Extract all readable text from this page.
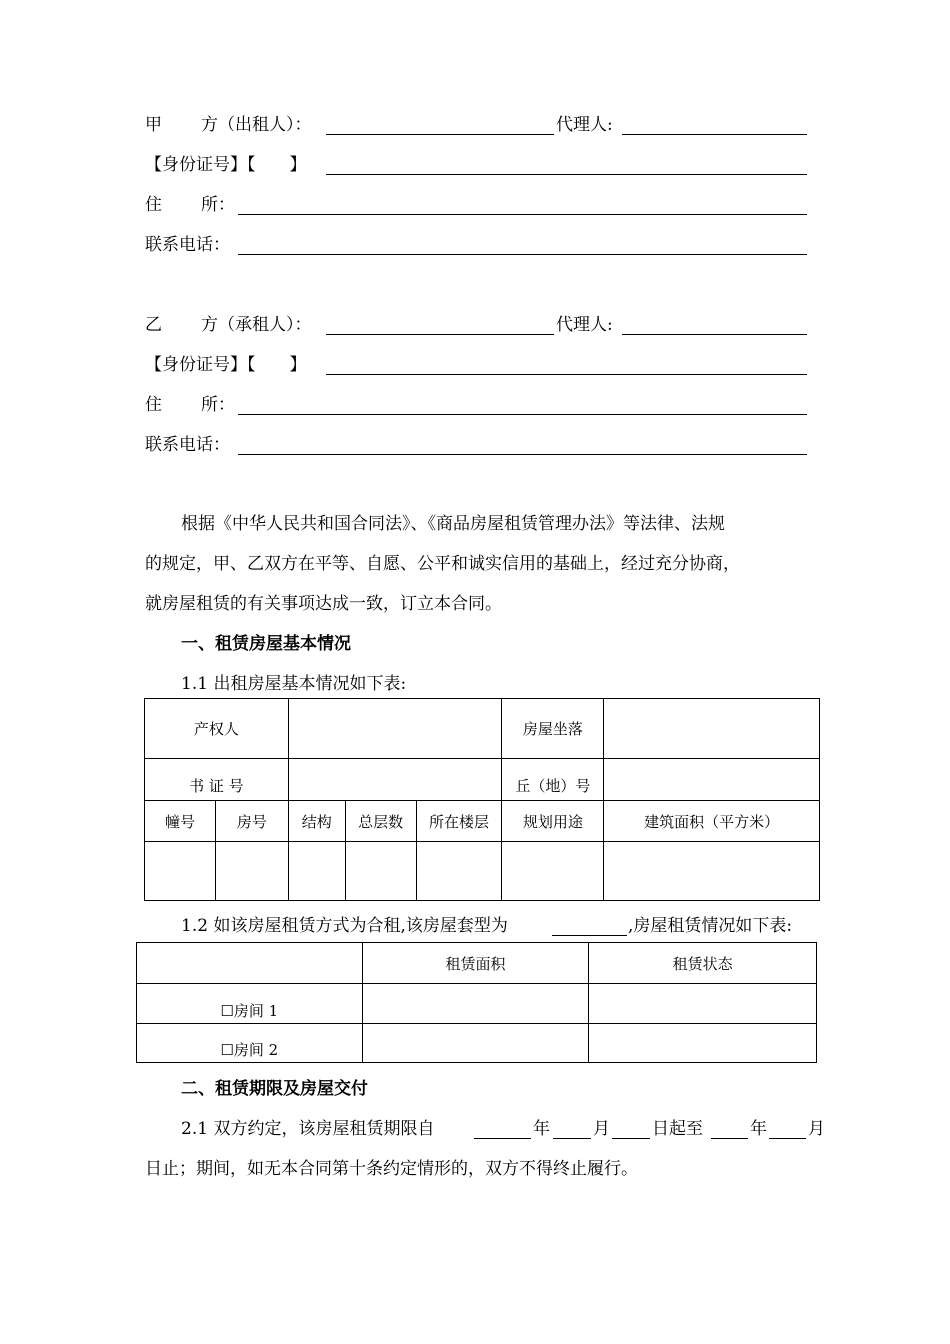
甲 方（出租人）：	代理人:
【身份证号】【　　】
住 所：
联系电话：
乙 方（承租人）：	代理人:
【身份证号】【　　】
住 所：
联系电话：
根据《中华人民共和国合同法》、《商品房屋租赁管理办法》等法律、法规
的规定，甲、乙双方在平等、自愿、公平和诚实信用的基础上，经过充分协商，
就房屋租赁的有关事项达成一致，订立本合同。
一、租赁房屋基本情况
1.1 出租房屋基本情况如下表:
产权人					房屋坐落	
书 证 号					丘（地）号	
幢号	房号	结构	总层数	所在楼层	规划用途	建筑面积（平方米）

1.2 如该房屋租赁方式为合租,该房屋套型为	,房屋租赁情况如下表:
	租赁面积	租赁状态
☐房间 1		
☐房间 2		
二、租赁期限及房屋交付
2.1 双方约定，该房屋租赁期限自	年	月 日起至	年 月
日止；期间，如无本合同第十条约定情形的，双方不得终止履行。
